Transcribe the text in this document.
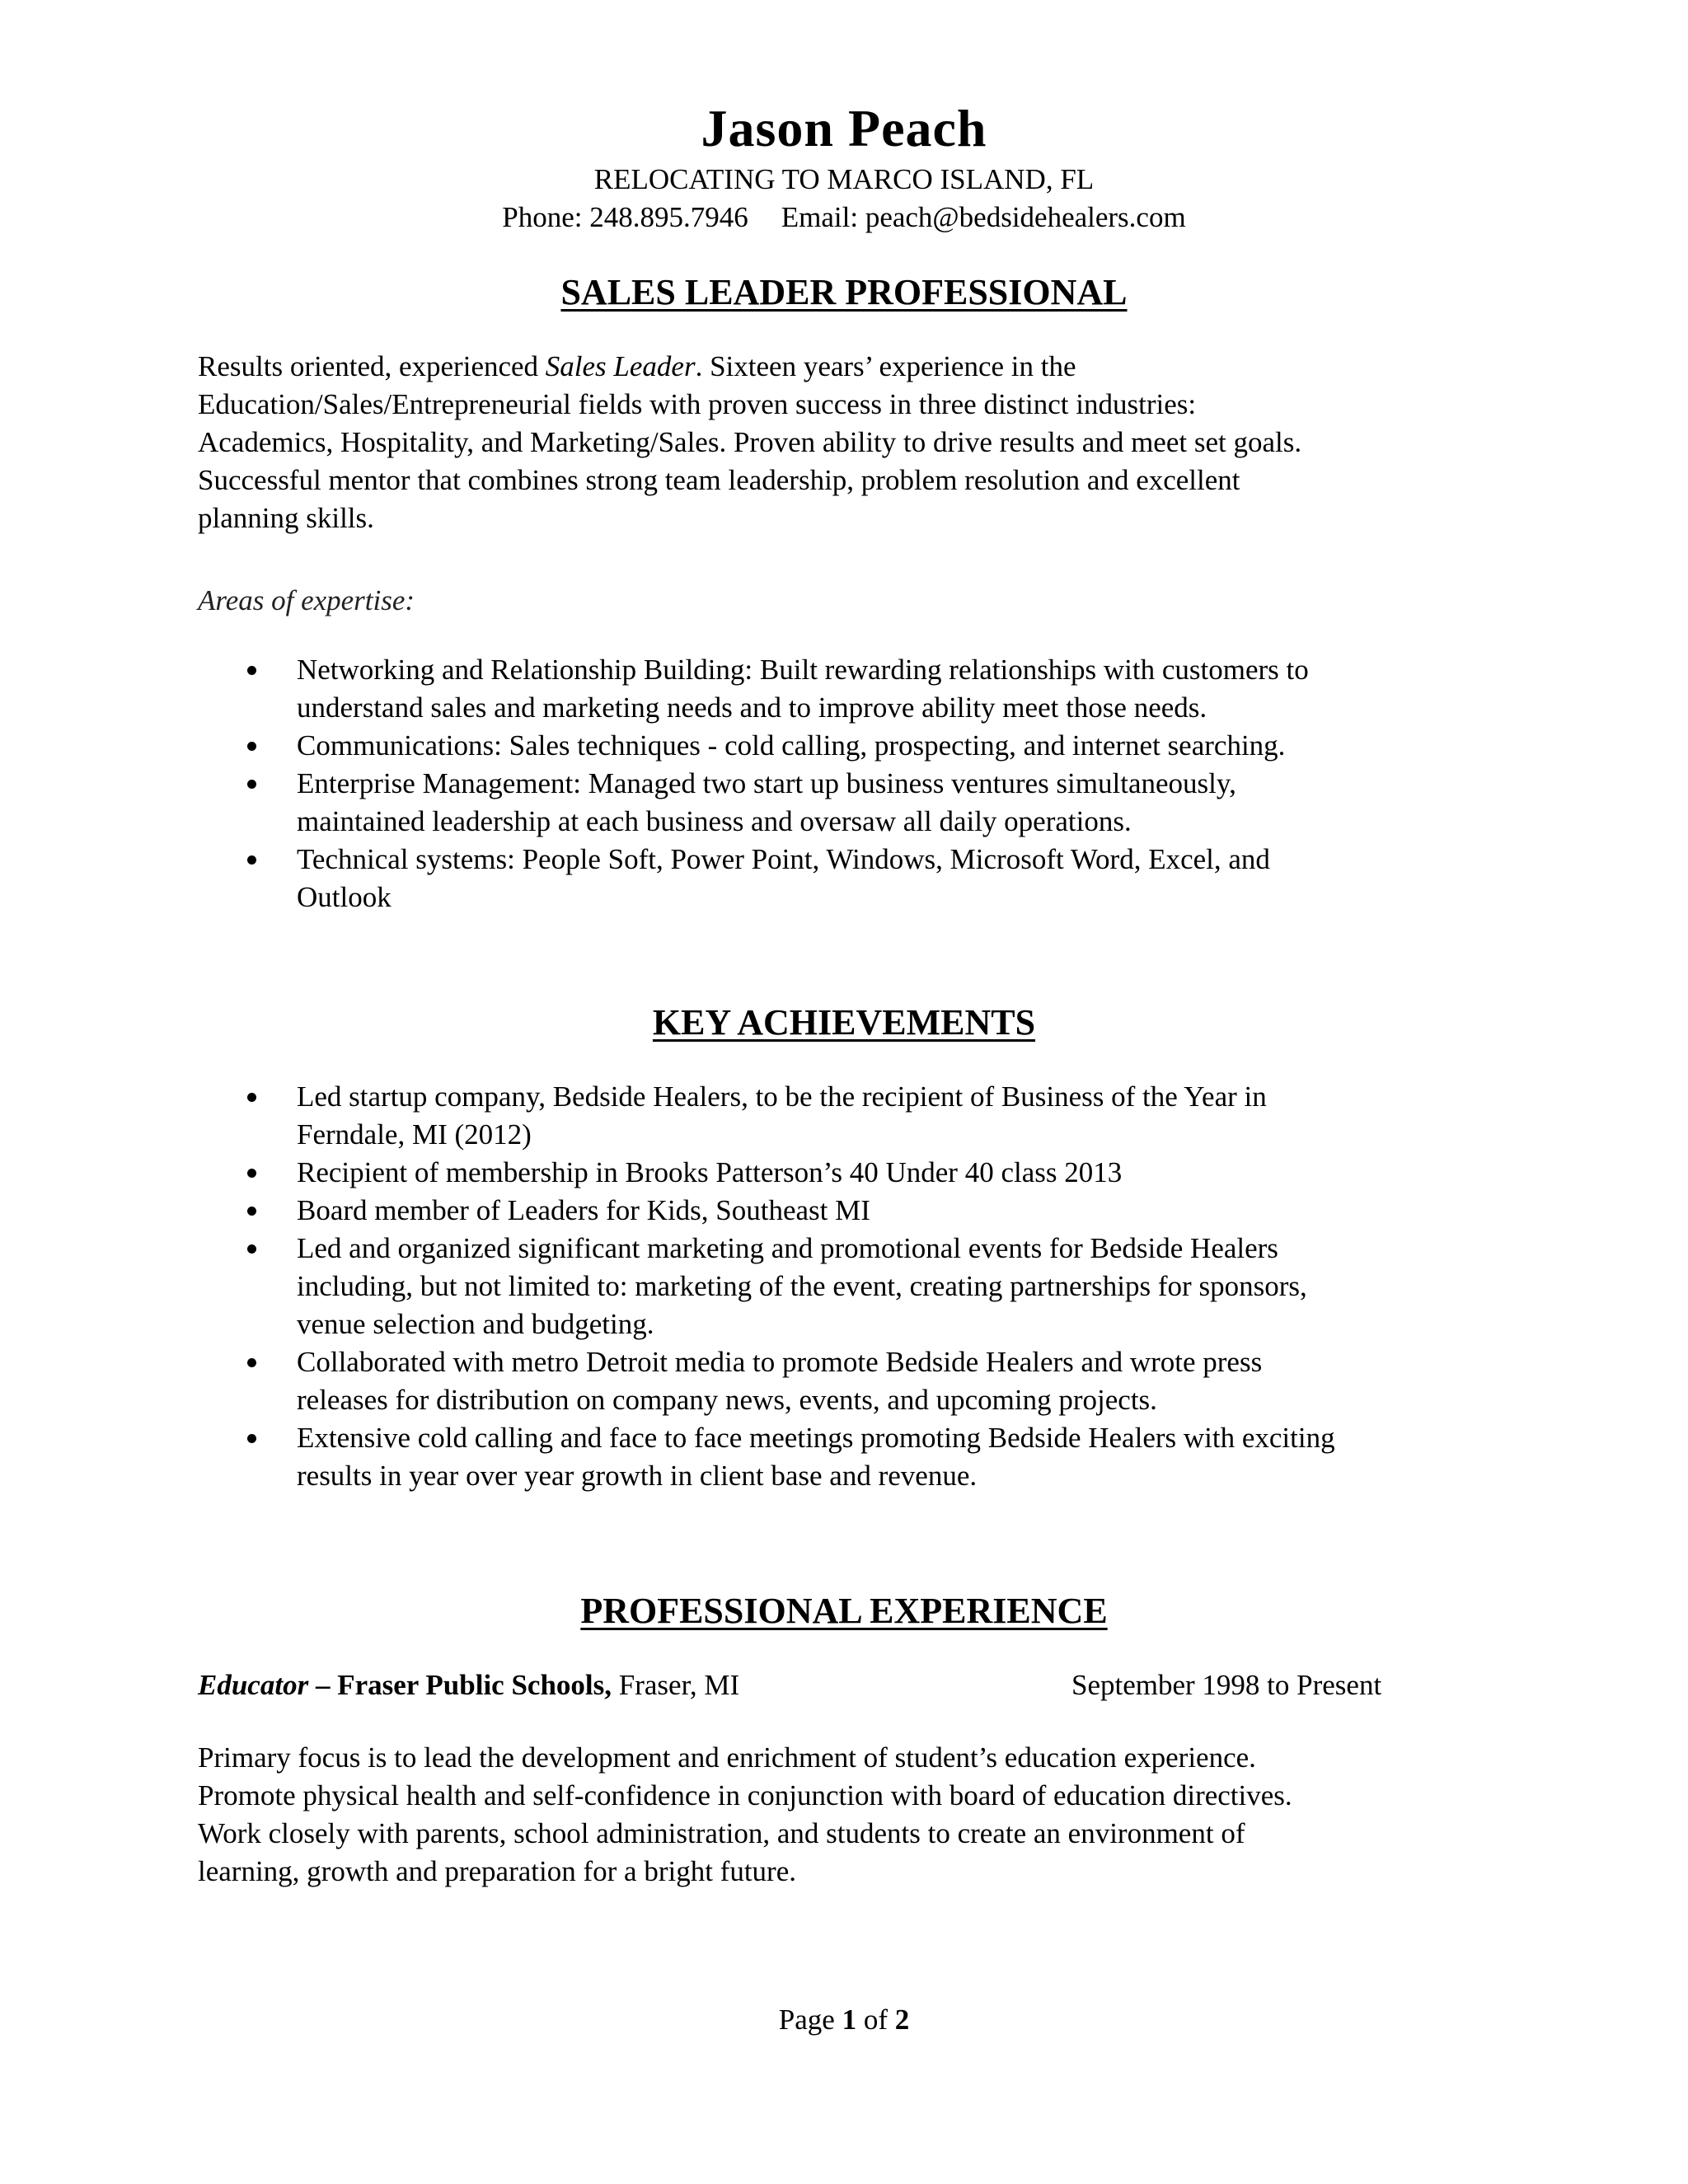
Jason Peach
RELOCATING TO MARCO ISLAND, FL
Phone: 248.895.7946 Email: peach@bedsidehealers.com
SALES LEADER PROFESSIONAL

Results oriented, experienced Sales Leader. Sixteen years’ experience in the

Education/Sales/Entrepreneurial fields with proven success in three distinct industries:

Academics, Hospitality, and Marketing/Sales. Proven ability to drive results and meet set goals.

Successful mentor that combines strong team leadership, problem resolution and excellent

planning skills.

Areas of expertise:

Networking and Relationship Building: Built rewarding relationships with customers to

understand sales and marketing needs and to improve ability meet those needs.

Communications: Sales techniques - cold calling, prospecting, and internet searching.

Enterprise Management: Managed two start up business ventures simultaneously,

maintained leadership at each business and oversaw all daily operations.

Technical systems: People Soft, Power Point, Windows, Microsoft Word, Excel, and

Outlook

KEY ACHIEVEMENTS

Led startup company, Bedside Healers, to be the recipient of Business of the Year in

Ferndale, MI (2012)

Recipient of membership in Brooks Patterson’s 40 Under 40 class 2013

Board member of Leaders for Kids, Southeast MI

Led and organized significant marketing and promotional events for Bedside Healers

including, but not limited to: marketing of the event, creating partnerships for sponsors,

venue selection and budgeting.

Collaborated with metro Detroit media to promote Bedside Healers and wrote press

releases for distribution on company news, events, and upcoming projects.

Extensive cold calling and face to face meetings promoting Bedside Healers with exciting

results in year over year growth in client base and revenue.

PROFESSIONAL EXPERIENCE
Educator – Fraser Public Schools, Fraser, MI	September 1998 to Present

Primary focus is to lead the development and enrichment of student’s education experience.

Promote physical health and self-confidence in conjunction with board of education directives.

Work closely with parents, school administration, and students to create an environment of

learning, growth and preparation for a bright future.

Page 1 of 2
